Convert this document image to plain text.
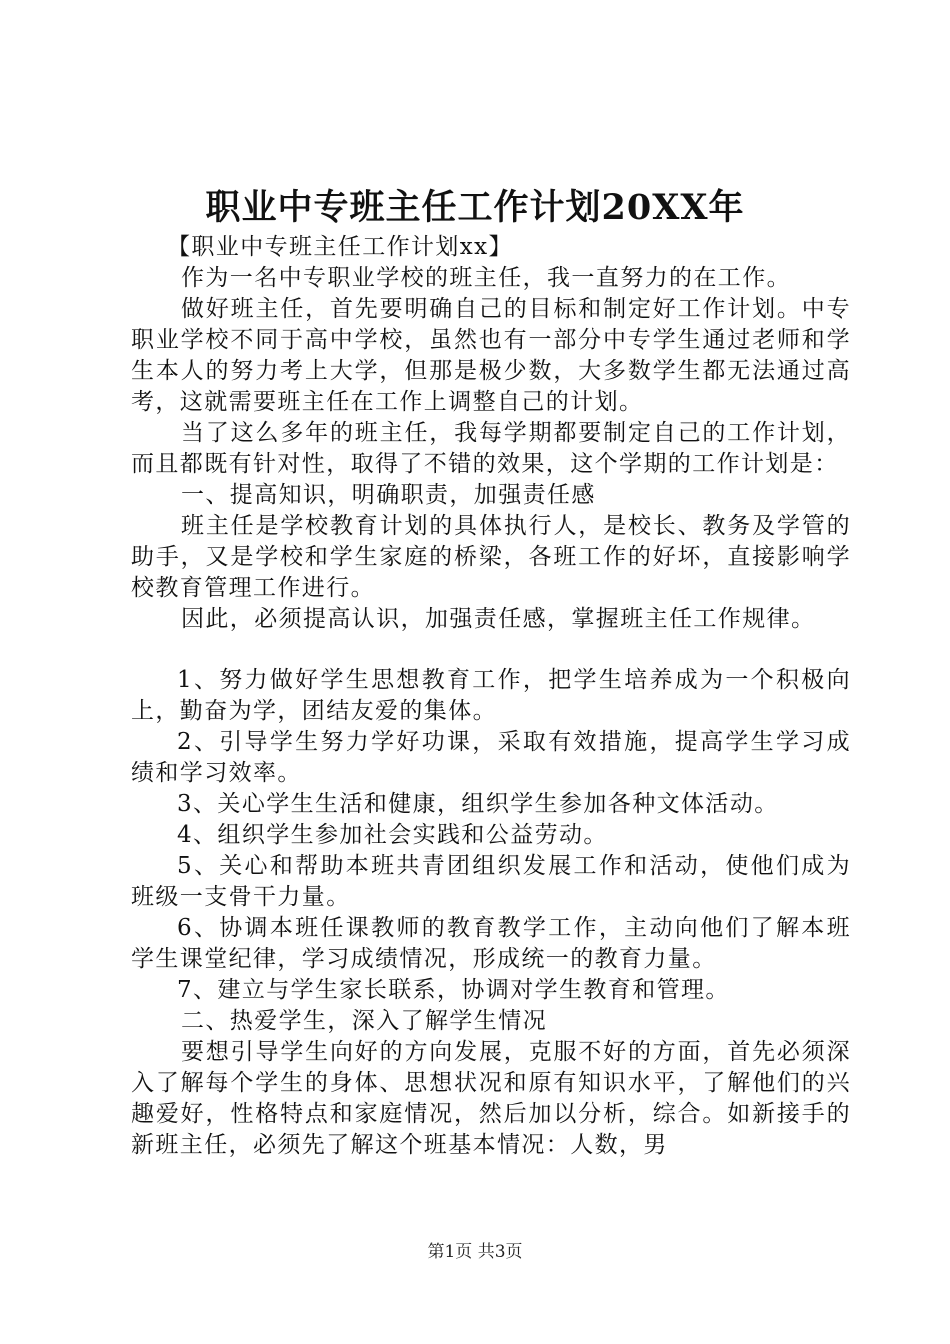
职业中专班主任工作计划20XX年

【职业中专班主任工作计划xx】

作为一名中专职业学校的班主任，我一直努力的在工作。

做好班主任，首先要明确自己的目标和制定好工作计划。中专职业学校不同于高中学校，虽然也有一部分中专学生通过老师和学生本人的努力考上大学，但那是极少数，大多数学生都无法通过高考，这就需要班主任在工作上调整自己的计划。

当了这么多年的班主任，我每学期都要制定自己的工作计划，而且都既有针对性，取得了不错的效果，这个学期的工作计划是：

一、提高知识，明确职责，加强责任感

班主任是学校教育计划的具体执行人，是校长、教务及学管的助手，又是学校和学生家庭的桥梁，各班工作的好坏，直接影响学校教育管理工作进行。

因此，必须提高认识，加强责任感，掌握班主任工作规律。

1、努力做好学生思想教育工作，把学生培养成为一个积极向上，勤奋为学，团结友爱的集体。

2、引导学生努力学好功课，采取有效措施，提高学生学习成绩和学习效率。

3、关心学生生活和健康，组织学生参加各种文体活动。

4、组织学生参加社会实践和公益劳动。

5、关心和帮助本班共青团组织发展工作和活动，使他们成为班级一支骨干力量。

6、协调本班任课教师的教育教学工作，主动向他们了解本班学生课堂纪律，学习成绩情况，形成统一的教育力量。

7、建立与学生家长联系，协调对学生教育和管理。

二、热爱学生，深入了解学生情况

要想引导学生向好的方向发展，克服不好的方面，首先必须深入了解每个学生的身体、思想状况和原有知识水平，了解他们的兴趣爱好，性格特点和家庭情况，然后加以分析，综合。如新接手的新班主任，必须先了解这个班基本情况：人数，男

第1页 共3页
